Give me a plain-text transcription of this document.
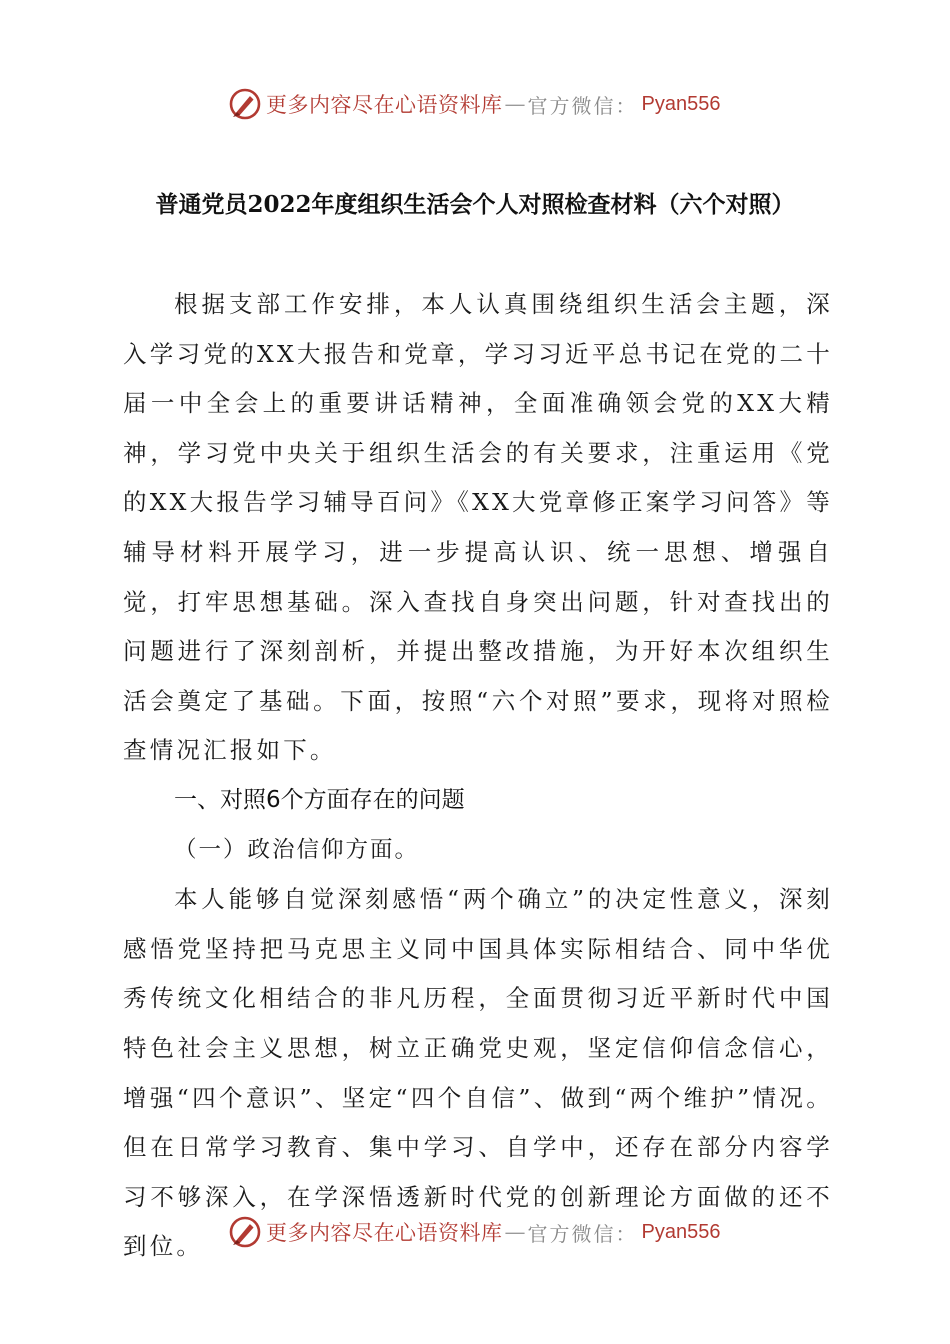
更多内容尽在心语资料库 — 官方微信： Pyan556
普通党员2022年度组织生活会个人对照检查材料（六个对照）

根据支部工作安排，本人认真围绕组织生活会主题，深入学习党的XX大报告和党章，学习习近平总书记在党的二十届一中全会上的重要讲话精神，全面准确领会党的XX大精神，学习党中央关于组织生活会的有关要求，注重运用《党的XX大报告学习辅导百问》《XX大党章修正案学习问答》等辅导材料开展学习，进一步提高认识、统一思想、增强自觉，打牢思想基础。深入查找自身突出问题，针对查找出的问题进行了深刻剖析，并提出整改措施，为开好本次组织生活会奠定了基础。下面，按照“六个对照”要求，现将对照检查情况汇报如下。

一、对照6个方面存在的问题

（一）政治信仰方面。

本人能够自觉深刻感悟“两个确立”的决定性意义，深刻感悟党坚持把马克思主义同中国具体实际相结合、同中华优秀传统文化相结合的非凡历程，全面贯彻习近平新时代中国特色社会主义思想，树立正确党史观，坚定信仰信念信心，增强“四个意识”、坚定“四个自信”、做到“两个维护”情况。但在日常学习教育、集中学习、自学中，还存在部分内容学习不够深入，在学深悟透新时代党的创新理论方面做的还不到位。	更多内容尽在心语资料库 — 官方微信： Pyan556
